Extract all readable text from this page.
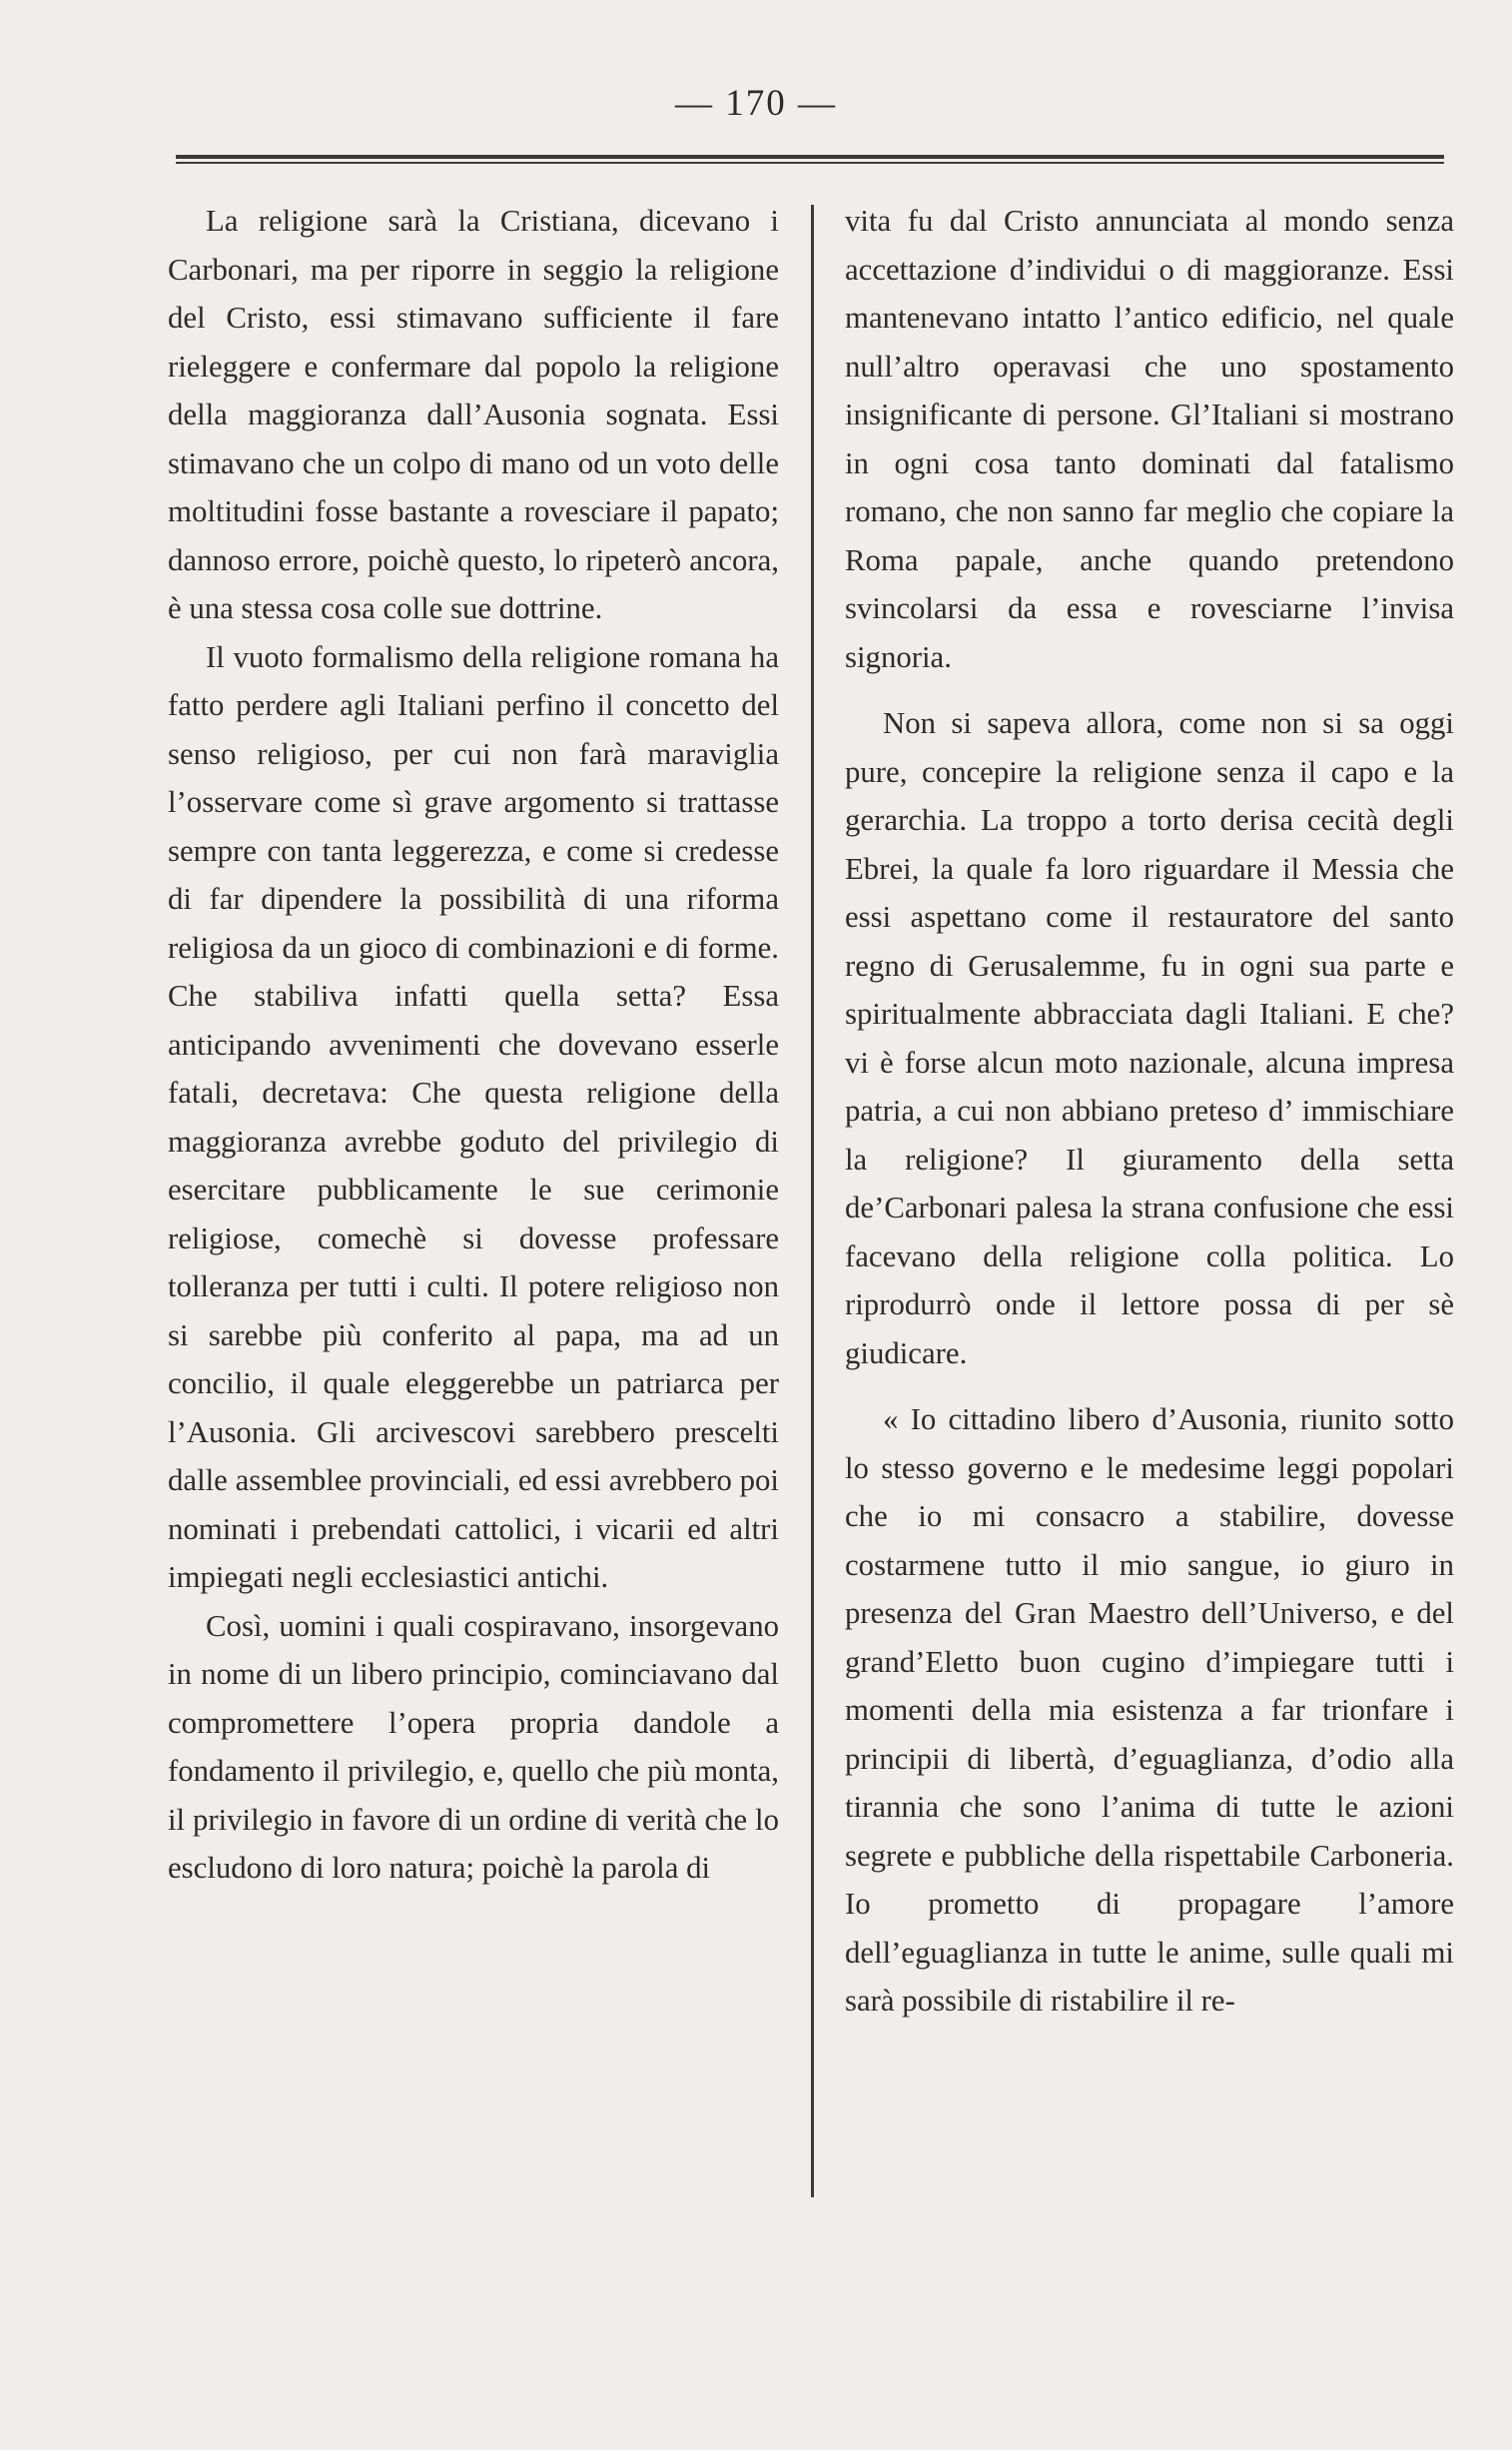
— 170 —

La religione sarà la Cristiana, dicevano i Carbonari, ma per riporre in seggio la religione del Cristo, essi stimavano sufficiente il fare rieleggere e confermare dal popolo la religione della maggioranza dall’Ausonia sognata. Essi stimavano che un colpo di mano od un voto delle moltitudini fosse bastante a rovesciare il papato; dannoso errore, poichè questo, lo ripeterò ancora, è una stessa cosa colle sue dottrine.

Il vuoto formalismo della religione romana ha fatto perdere agli Italiani perfino il concetto del senso religioso, per cui non farà maraviglia l’osservare come sì grave argomento si trattasse sempre con tanta leggerezza, e come si credesse di far dipendere la possibilità di una riforma religiosa da un gioco di combinazioni e di forme. Che stabiliva infatti quella setta? Essa anticipando avvenimenti che dovevano esserle fatali, decretava: Che questa religione della maggioranza avrebbe goduto del privilegio di esercitare pubblicamente le sue cerimonie religiose, comechè si dovesse professare tolleranza per tutti i culti. Il potere religioso non si sarebbe più conferito al papa, ma ad un concilio, il quale eleggerebbe un patriarca per l’Ausonia. Gli arcivescovi sarebbero prescelti dalle assemblee provinciali, ed essi avrebbero poi nominati i prebendati cattolici, i vicarii ed altri impiegati negli ecclesiastici antichi.

Così, uomini i quali cospiravano, insorgevano in nome di un libero principio, cominciavano dal compromettere l’opera propria dandole a fondamento il privilegio, e, quello che più monta, il privilegio in favore di un ordine di verità che lo escludono di loro natura; poichè la parola di

vita fu dal Cristo annunciata al mondo senza accettazione d’individui o di maggioranze. Essi mantenevano intatto l’antico edificio, nel quale null’altro operavasi che uno spostamento insignificante di persone. Gl’Italiani si mostrano in ogni cosa tanto dominati dal fatalismo romano, che non sanno far meglio che copiare la Roma papale, anche quando pretendono svincolarsi da essa e rovesciarne l’invisa signoria.

Non si sapeva allora, come non si sa oggi pure, concepire la religione senza il capo e la gerarchia. La troppo a torto derisa cecità degli Ebrei, la quale fa loro riguardare il Messia che essi aspettano come il restauratore del santo regno di Gerusalemme, fu in ogni sua parte e spiritualmente abbracciata dagli Italiani. E che? vi è forse alcun moto nazionale, alcuna impresa patria, a cui non abbiano preteso d’ immischiare la religione? Il giuramento della setta de’Carbonari palesa la strana confusione che essi facevano della religione colla politica. Lo riprodurrò onde il lettore possa di per sè giudicare.

« Io cittadino libero d’Ausonia, riunito sotto lo stesso governo e le medesime leggi popolari che io mi consacro a stabilire, dovesse costarmene tutto il mio sangue, io giuro in presenza del Gran Maestro dell’Universo, e del grand’Eletto buon cugino d’impiegare tutti i momenti della mia esistenza a far trionfare i principii di libertà, d’eguaglianza, d’odio alla tirannia che sono l’anima di tutte le azioni segrete e pubbliche della rispettabile Carboneria. Io prometto di propagare l’amore dell’eguaglianza in tutte le anime, sulle quali mi sarà possibile di ristabilire il re-
